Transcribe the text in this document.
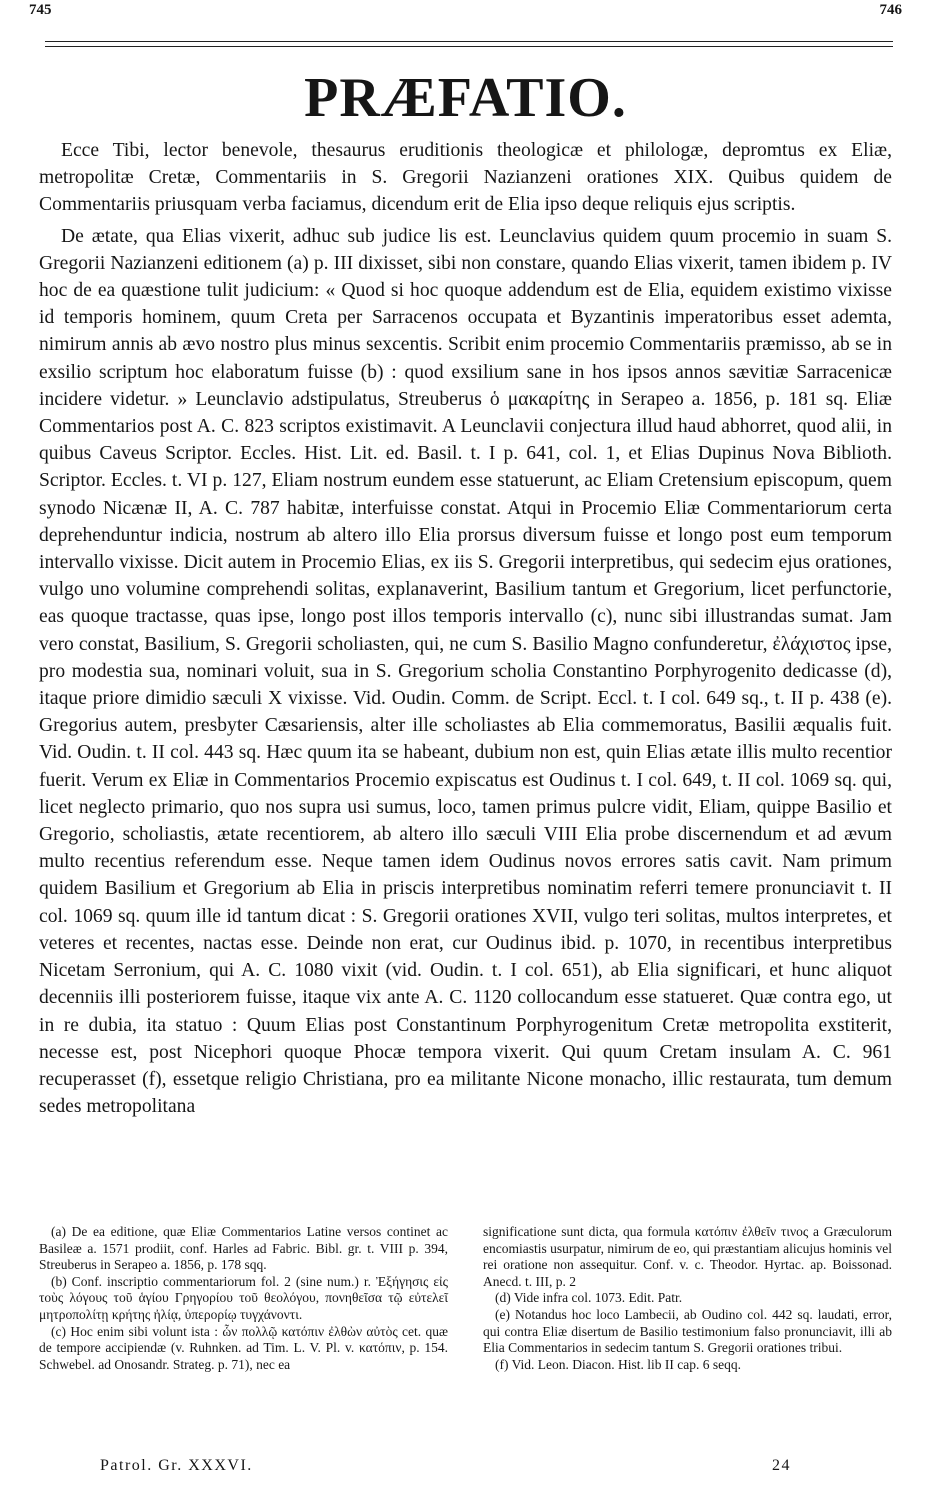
745	746
PRÆFATIO.

Ecce Tibi, lector benevole, thesaurus eruditionis theologicæ et philologæ, depromtus ex Eliæ, metropolitæ Cretæ, Commentariis in S. Gregorii Nazianzeni orationes XIX. Quibus quidem de Commentariis priusquam verba faciamus, dicendum erit de Elia ipso deque reliquis ejus scriptis.

De ætate, qua Elias vixerit, adhuc sub judice lis est. Leunclavius quidem quum procemio in suam S. Gregorii Nazianzeni editionem (a) p. III dixisset, sibi non constare, quando Elias vixerit, tamen ibidem p. IV hoc de ea quæstione tulit judicium: « Quod si hoc quoque addendum est de Elia, equidem existimo vixisse id temporis hominem, quum Creta per Sarracenos occupata et Byzantinis imperatoribus esset ademta, nimirum annis ab ævo nostro plus minus sexcentis. Scribit enim procemio Commentariis præmisso, ab se in exsilio scriptum hoc elaboratum fuisse (b) : quod exsilium sane in hos ipsos annos sævitiæ Sarracenicæ incidere videtur. » Leunclavio adstipulatus, Streuberus ὁ μακαρίτης in Serapeo a. 1856, p. 181 sq. Eliæ Commentarios post A. C. 823 scriptos existimavit. A Leunclavii conjectura illud haud abhorret, quod alii, in quibus Caveus Scriptor. Eccles. Hist. Lit. ed. Basil. t. I p. 641, col. 1, et Elias Dupinus Nova Biblioth. Scriptor. Eccles. t. VI p. 127, Eliam nostrum eundem esse statuerunt, ac Eliam Cretensium episcopum, quem synodo Nicænæ II, A. C. 787 habitæ, interfuisse constat. Atqui in Procemio Eliæ Commentariorum certa deprehenduntur indicia, nostrum ab altero illo Elia prorsus diversum fuisse et longo post eum temporum intervallo vixisse. Dicit autem in Procemio Elias, ex iis S. Gregorii interpretibus, qui sedecim ejus orationes, vulgo uno volumine comprehendi solitas, explanaverint, Basilium tantum et Gregorium, licet perfunctorie, eas quoque tractasse, quas ipse, longo post illos temporis intervallo (c), nunc sibi illustrandas sumat. Jam vero constat, Basilium, S. Gregorii scholiasten, qui, ne cum S. Basilio Magno confunderetur, ἐλάχιστος ipse, pro modestia sua, nominari voluit, sua in S. Gregorium scholia Constantino Porphyrogenito dedicasse (d), itaque priore dimidio sæculi X vixisse. Vid. Oudin. Comm. de Script. Eccl. t. I col. 649 sq., t. II p. 438 (e). Gregorius autem, presbyter Cæsariensis, alter ille scholiastes ab Elia commemoratus, Basilii æqualis fuit. Vid. Oudin. t. II col. 443 sq. Hæc quum ita se habeant, dubium non est, quin Elias ætate illis multo recentior fuerit. Verum ex Eliæ in Commentarios Procemio expiscatus est Oudinus t. I col. 649, t. II col. 1069 sq. qui, licet neglecto primario, quo nos supra usi sumus, loco, tamen primus pulcre vidit, Eliam, quippe Basilio et Gregorio, scholiastis, ætate recentiorem, ab altero illo sæculi VIII Elia probe discernendum et ad ævum multo recentius referendum esse. Neque tamen idem Oudinus novos errores satis cavit. Nam primum quidem Basilium et Gregorium ab Elia in priscis interpretibus nominatim referri temere pronunciavit t. II col. 1069 sq. quum ille id tantum dicat : S. Gregorii orationes XVII, vulgo teri solitas, multos interpretes, et veteres et recentes, nactas esse. Deinde non erat, cur Oudinus ibid. p. 1070, in recentibus interpretibus Nicetam Serronium, qui A. C. 1080 vixit (vid. Oudin. t. I col. 651), ab Elia significari, et hunc aliquot decenniis illi posteriorem fuisse, itaque vix ante A. C. 1120 collocandum esse statueret. Quæ contra ego, ut in re dubia, ita statuo : Quum Elias post Constantinum Porphyrogenitum Cretæ metropolita exstiterit, necesse est, post Nicephori quoque Phocæ tempora vixerit. Qui quum Cretam insulam A. C. 961 recuperasset (f), essetque religio Christiana, pro ea militante Nicone monacho, illic restaurata, tum demum sedes metropolitana

(a) De ea editione, quæ Eliæ Commentarios Latine versos continet ac Basileæ a. 1571 prodiit, conf. Harles ad Fabric. Bibl. gr. t. VIII p. 394, Streuberus in Serapeo a. 1856, p. 178 sqq.

(b) Conf. inscriptio commentariorum fol. 2 (sine num.) r. Ἐξήγησις εἰς τοὺς λόγους τοῦ ἁγίου Γρηγορίου τοῦ θεολόγου, πονηθεῖσα τῷ εὐτελεῖ μητροπολίτῃ κρήτης ἠλίᾳ, ὑπερορίῳ τυγχάνοντι.

(c) Hoc enim sibi volunt ista : ὧν πολλῷ κατόπιν ἐλθὼν αὐτὸς cet. quæ de tempore accipiendæ (v. Ruhnken. ad Tim. L. V. Pl. v. κατόπιν, p. 154. Schwebel. ad Onosandr. Strateg. p. 71), nec ea

significatione sunt dicta, qua formula κατόπιν ἐλθεῖν τινος a Græculorum encomiastis usurpatur, nimirum de eo, qui præstantiam alicujus hominis vel rei oratione non assequitur. Conf. v. c. Theodor. Hyrtac. ap. Boissonad. Anecd. t. III, p. 2

(d) Vide infra col. 1073. Edit. Patr.

(e) Notandus hoc loco Lambecii, ab Oudino col. 442 sq. laudati, error, qui contra Eliæ disertum de Basilio testimonium falso pronunciavit, illi ab Elia Commentarios in sedecim tantum S. Gregorii orationes tribui.

(f) Vid. Leon. Diacon. Hist. lib II cap. 6 seqq.

Patrol. Gr. XXXVI.	24
